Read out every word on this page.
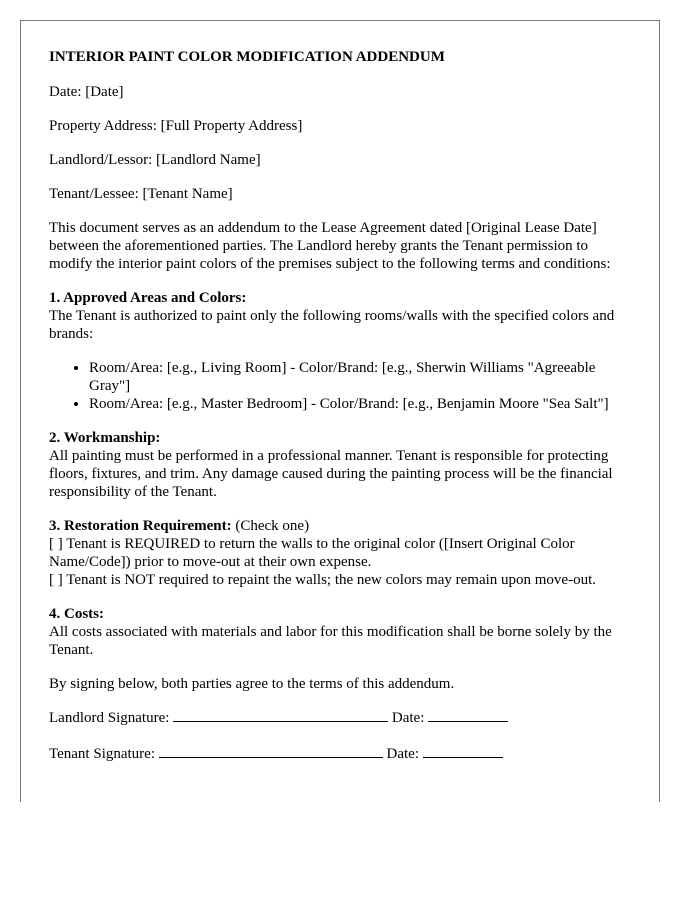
INTERIOR PAINT COLOR MODIFICATION ADDENDUM

Date: [Date]

Property Address: [Full Property Address]

Landlord/Lessor: [Landlord Name]

Tenant/Lessee: [Tenant Name]

This document serves as an addendum to the Lease Agreement dated [Original Lease Date] between the aforementioned parties. The Landlord hereby grants the Tenant permission to modify the interior paint colors of the premises subject to the following terms and conditions:

1. Approved Areas and Colors:

The Tenant is authorized to paint only the following rooms/walls with the specified colors and brands:

• Room/Area: [e.g., Living Room] - Color/Brand: [e.g., Sherwin Williams "Agreeable Gray"]
• Room/Area: [e.g., Master Bedroom] - Color/Brand: [e.g., Benjamin Moore "Sea Salt"]

2. Workmanship:

All painting must be performed in a professional manner. Tenant is responsible for protecting floors, fixtures, and trim. Any damage caused during the painting process will be the financial responsibility of the Tenant.

3. Restoration Requirement: (Check one)

[ ] Tenant is REQUIRED to return the walls to the original color ([Insert Original Color Name/Code]) prior to move-out at their own expense.

[ ] Tenant is NOT required to repaint the walls; the new colors may remain upon move-out.

4. Costs:

All costs associated with materials and labor for this modification shall be borne solely by the Tenant.

By signing below, both parties agree to the terms of this addendum.

Landlord Signature:	Date:

Tenant Signature:	Date:
